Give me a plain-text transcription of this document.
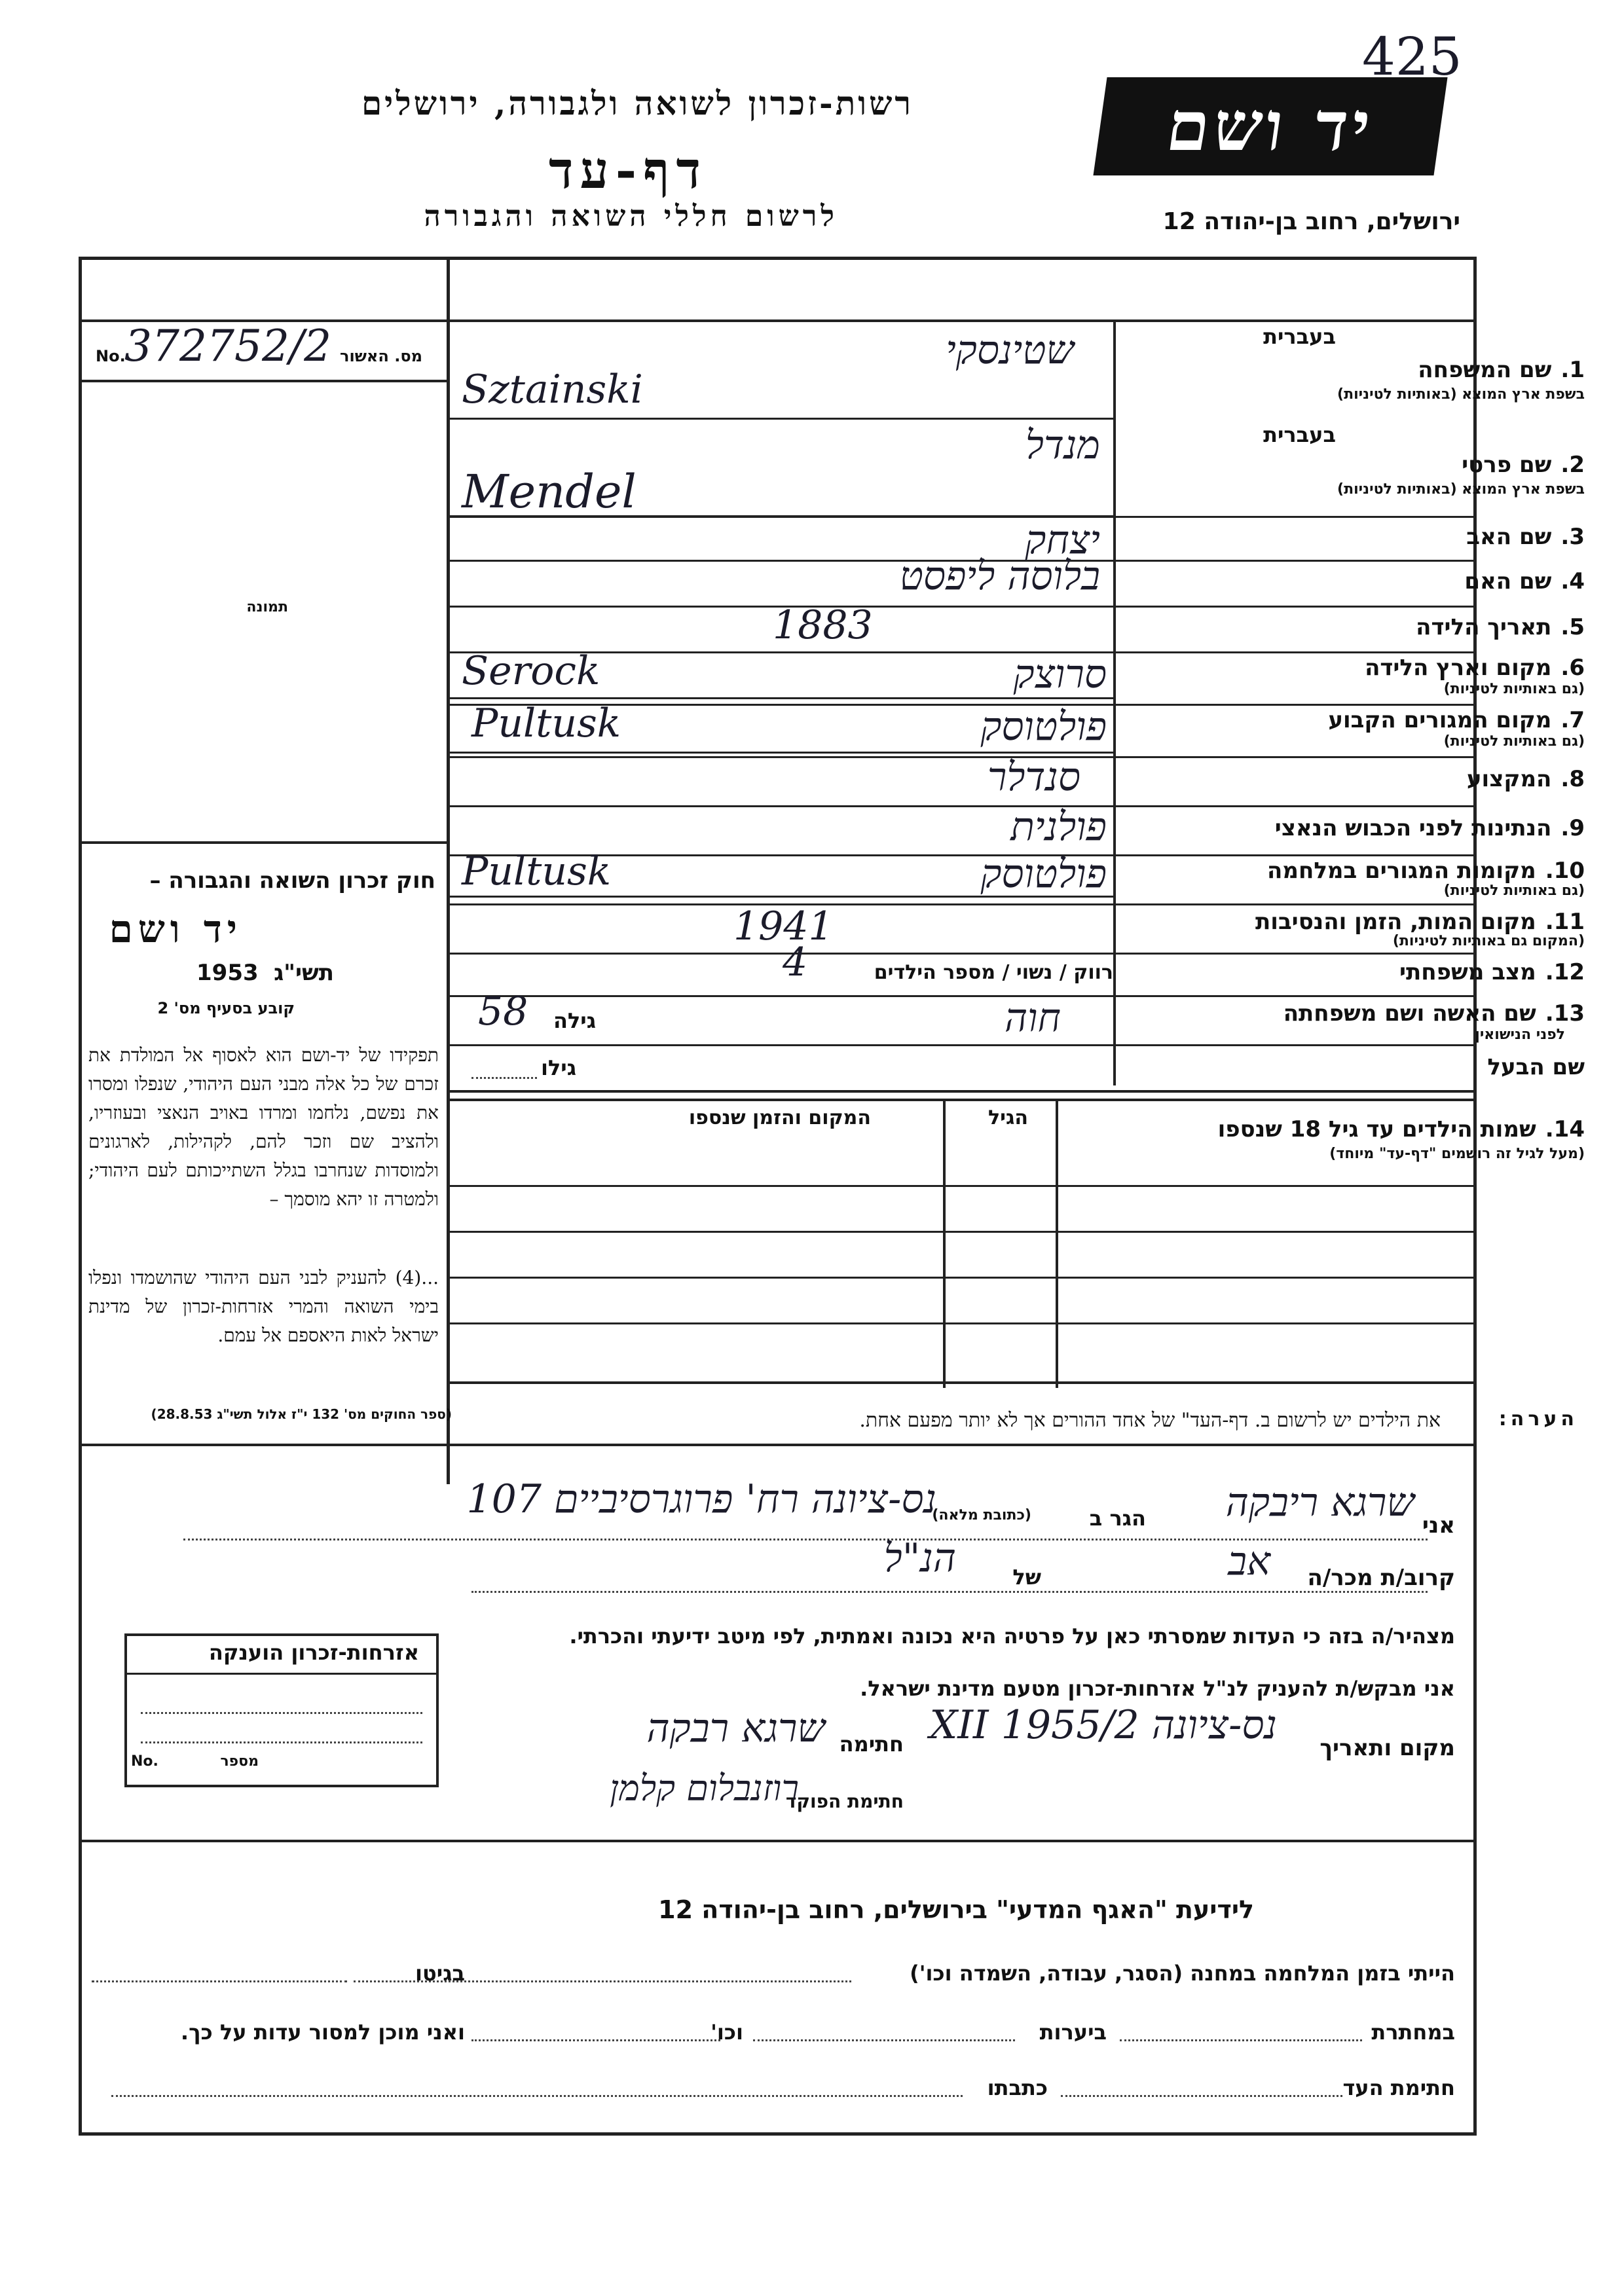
רשות-זכרון לשואה ולגבורה, ירושלים
דף-עד
לרשום חללי השואה והגבורה
יד ושם
425
ירושלים, רחוב בן-יהודה 12
מס. האשור
372752/2
No.
תמונה
חוק זכרון השואה והגבורה –
יד ושם
1953 תשי"ג
קובע בסעיף מס' 2
תפקידו של יד-ושם הוא לאסוף אל המולדת את זכרם של כל אלה מבני העם היהודי, שנפלו ומסרו את נפשם, נלחמו ומרדו באויב הנאצי ובעוזריו, ולהציב שם וזכר להם, לקהילות, לארגונים ולמוסדות שנחרבו בגלל השתייכותם לעם היהודי; ולמטרה זו יהא מוסמך –
...(4) להעניק לבני העם היהודי שהושמדו ונפלו בימי השואה והמרי אזרחות-זכרון של מדינת ישראל לאות היאספם אל עמם.
(ספר החוקים מס' 132 י"ז אלול תשי"ג 28.8.53)
בעברית
1.שם המשפחה
בשפת ארץ המוצא (באותיות לטיניות)
שטינסקי
Sztainski
בעברית
2.שם פרטי
בשפת ארץ המוצא (באותיות לטיניות)
מנדל
Mendel
3.שם האב
יצחק
4.שם האם
בלוסה ליפסט
5.תאריך הלידה
1883
6.מקום וארץ הלידה
(גם באותיות לטיניות)
סרוצק
Serock
7.מקום המגורים הקבוע
(גם באותיות לטיניות)
פולטוסק
Pultusk
8.המקצוע
סנדלר
9.הנתינות לפני הכבוש הנאצי
פולנית
10.מקומות המגורים במלחמה
(גם באותיות לטיניות)
פולטוסק
Pultusk
11.מקום המות, הזמן והנסיבות
(המקום גם באותיות לטיניות)
1941
12.מצב משפחתי
רווק / נשוי / מספר הילדים
4
13.שם האשה ושם משפחתה
לפני הנישואין
חוה
גילה
58
שם הבעל
גילו
14.שמות הילדים עד גיל 18 שנספו
(מעל לגיל זה רושמים "דף-עד" מיוחד)
הגיל
המקום והזמן שנספו
הערה:
את הילדים יש לרשום ב. דף-העד" של אחד ההורים אך לא יותר מפעם אחת.
אני
שרגא ריבקה
הגר ב
(כתובת מלאה)
נס-ציונה רח' פרוגרסיביים 107
קרוב/ת מכר/ה
אב
של
הנ"ל
מצהיר/ה בזה כי העדות שמסרתי כאן על פרטיה היא נכונה ואמתית, לפי מיטב ידיעתי והכרתי.
אני מבקש/ת להעניק לנ"ל אזרחות-זכרון מטעם מדינת ישראל.
מקום ותאריך
נס-ציונה 2/XII 1955
חתימה
שרגא רבקה
חתימת הפוקד
רוזנבלום קלמן
אזרחות-זכרון הוענקה
מספר
No.
לידיעת "האגף המדעי" בירושלים, רחוב בן-יהודה 12
הייתי בזמן המלחמה במחנה (הסגר, עבודה, השמדה וכו')
בגיטו
במחתרת
ביערות
וכו'
ואני מוכן למסור עדות על כך.
חתימת העד
כתבתו
